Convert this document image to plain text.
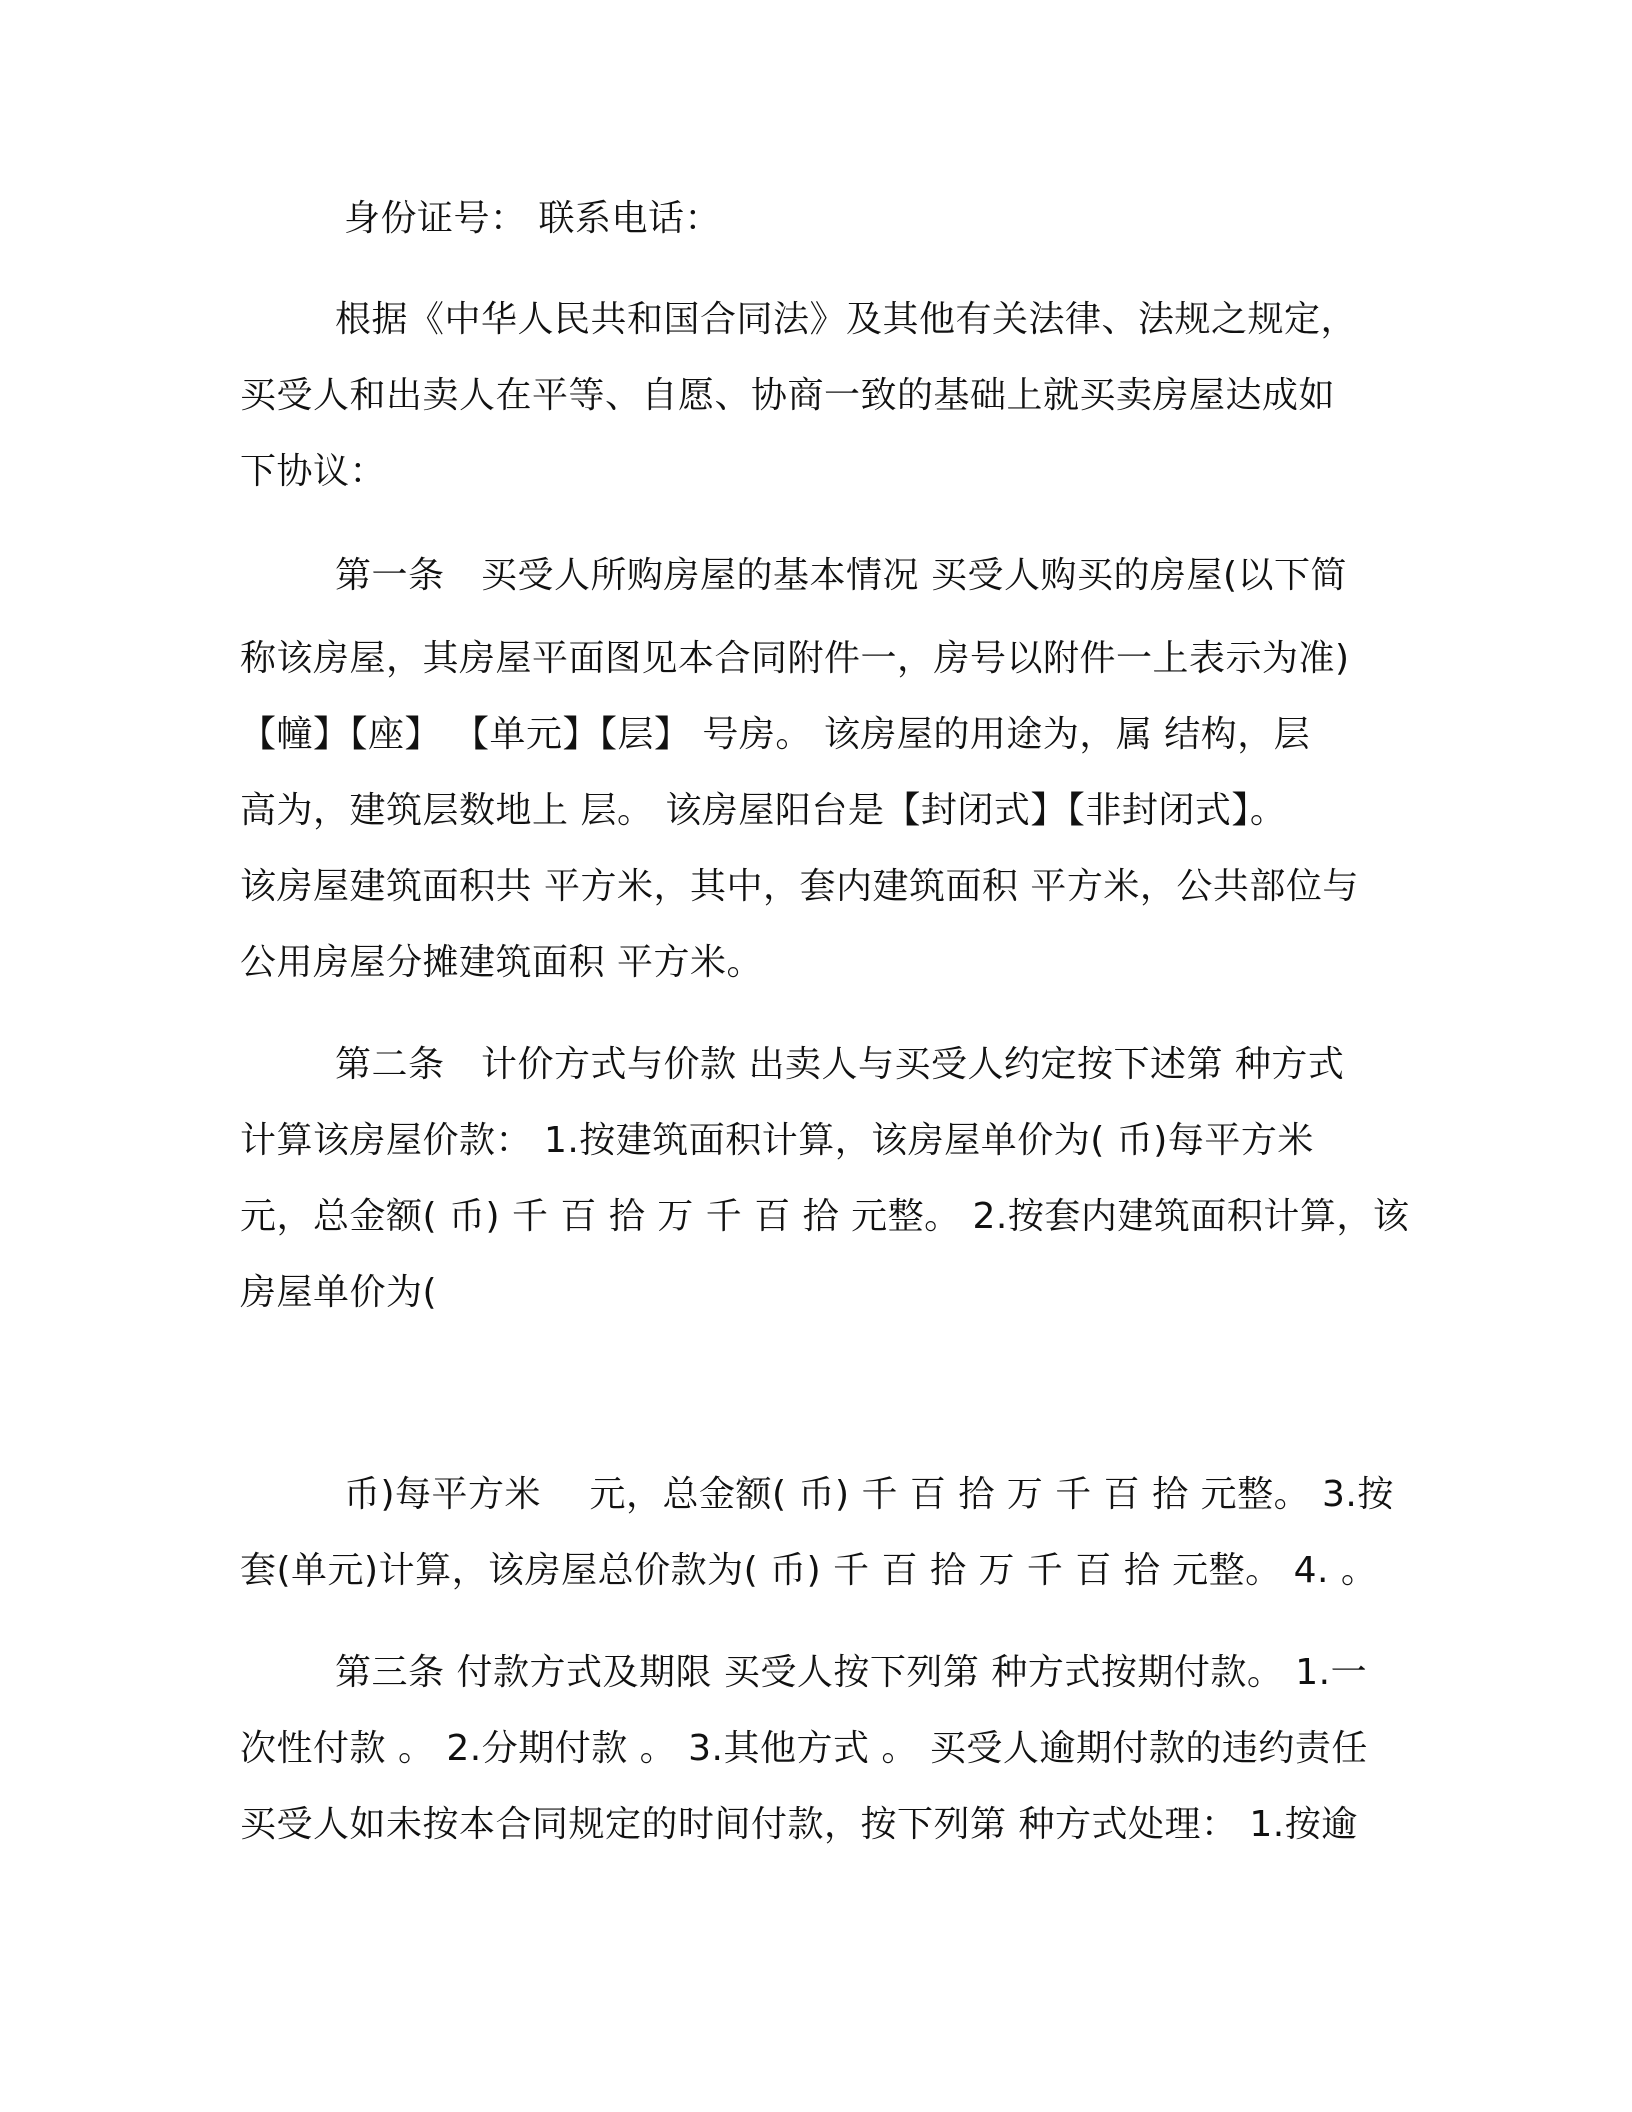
身份证号： 联系电话：
根据《中华人民共和国合同法》及其他有关法律、法规之规定，
买受人和出卖人在平等、自愿、协商一致的基础上就买卖房屋达成如
下协议：
第一条　买受人所购房屋的基本情况 买受人购买的房屋(以下简
称该房屋，其房屋平面图见本合同附件一，房号以附件一上表示为准)
【幢】【座】 【单元】【层】 号房。 该房屋的用途为，属 结构，层
高为，建筑层数地上 层。 该房屋阳台是【封闭式】【非封闭式】。
该房屋建筑面积共 平方米，其中，套内建筑面积 平方米，公共部位与
公用房屋分摊建筑面积 平方米。
第二条　计价方式与价款 出卖人与买受人约定按下述第 种方式
计算该房屋价款： 1.按建筑面积计算，该房屋单价为( 币)每平方米
元，总金额( 币) 千 百 拾 万 千 百 拾 元整。 2.按套内建筑面积计算，该
房屋单价为(
币)每平方米　 元，总金额( 币) 千 百 拾 万 千 百 拾 元整。 3.按
套(单元)计算，该房屋总价款为( 币) 千 百 拾 万 千 百 拾 元整。 4. 。
第三条 付款方式及期限 买受人按下列第 种方式按期付款。 1.一
次性付款 。 2.分期付款 。 3.其他方式 。 买受人逾期付款的违约责任
买受人如未按本合同规定的时间付款，按下列第 种方式处理： 1.按逾
